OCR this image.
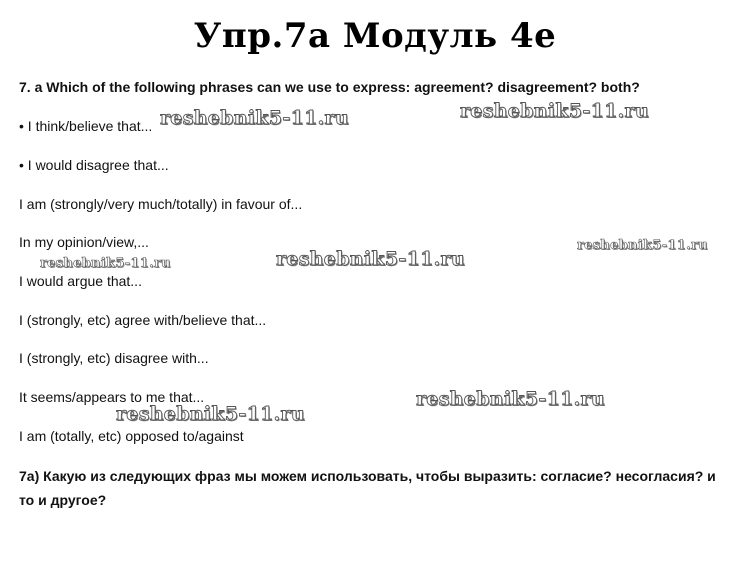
Упр.7а Модуль 4е
7. a Which of the following phrases can we use to express: agreement? disagreement? both?
• I think/believe that...
• I would disagree that...
I am (strongly/very much/totally) in favour of...
In my opinion/view,...
I would argue that...
I (strongly, etc) agree with/believe that...
I (strongly, etc) disagree with...
It seems/appears to me that...
I am (totally, etc) opposed to/against
7а) Какую из следующих фраз мы можем использовать, чтобы выразить: согласие? несогласия? и то и другое?
reshebnik5-11.ru	reshebnik5-11.ru
reshebnik5-11.ru
reshebnik5-11.ru	reshebnik5-11.ru
reshebnik5-11.ru
reshebnik5-11.ru
